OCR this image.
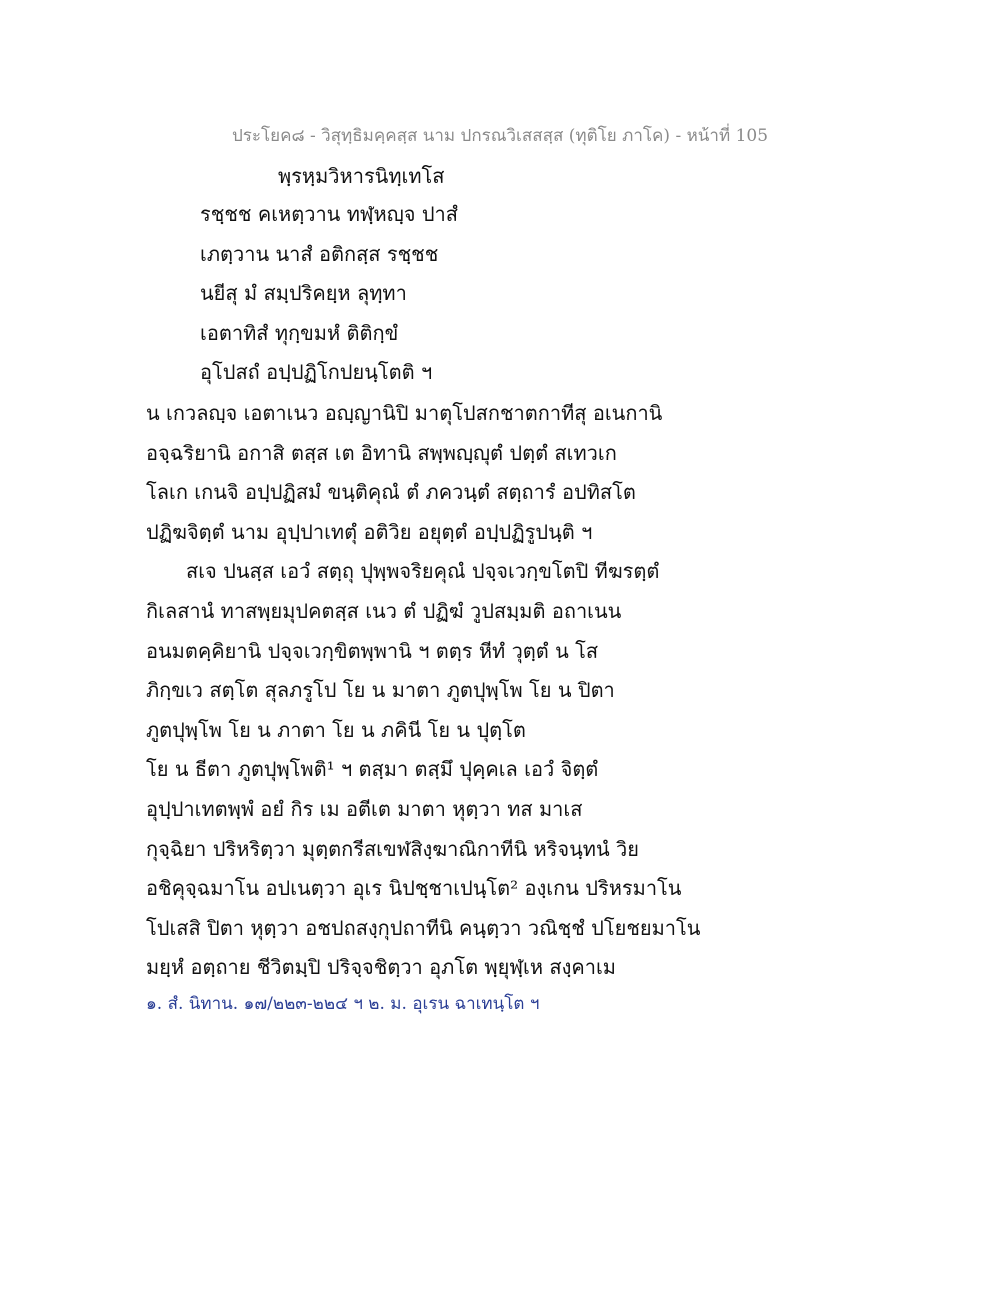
ประโยค๘ - วิสุทฺธิมคฺคสฺส นาม ปกรณวิเสสสฺส (ทุติโย ภาโค) - หน้าที่ 105
พฺรหฺมวิหารนิทฺเทโส
รชฺชช คเหตฺวาน ทฬฺหญฺจ ปาสํ
เภตฺวาน นาสํ อติกสฺส รชฺชช
นยีสุ มํ สมฺปริคยฺห ลุทฺทา
เอตาทิสํ ทุกฺขมหํ ติติกฺขํ
อุโปสถํ อปฺปฏิโกปยนฺโตติ ฯ
น เกวลญฺจ เอตาเนว อญฺญานิปิ มาตุโปสกชาตกาทีสุ อเนกานิ
อจฺฉริยานิ อกาสิ ตสฺส เต อิทานิ สพฺพญฺญุตํ ปตฺตํ สเทวเก
โลเก เกนจิ อปฺปฏิสมํ ขนฺติคุณํ ตํ ภควนฺตํ สตฺถารํ อปทิสโต
ปฏิฆจิตฺตํ นาม อุปฺปาเทตุํ อติวิย อยุตฺตํ อปฺปฏิรูปนฺติ ฯ
สเจ ปนสฺส เอวํ สตฺถุ ปุพฺพจริยคุณํ ปจฺจเวกฺขโตปิ ทีฆรตฺตํ
กิเลสานํ ทาสพฺยมุปคตสฺส เนว ตํ ปฏิฆํ วูปสมฺมติ อถาเนน
อนมตคฺคิยานิ ปจฺจเวกฺขิตพฺพานิ ฯ ตตฺร หีทํ วุตฺตํ น โส
ภิกฺขเว สตฺโต สุลภรูโป โย น มาตา ภูตปุพฺโพ โย น ปิตา
ภูตปุพฺโพ โย น ภาตา โย น ภคินี โย น ปุตฺโต
โย น ธีตา ภูตปุพฺโพติ¹ ฯ ตสฺมา ตสฺมึ ปุคฺคเล เอวํ จิตฺตํ
อุปฺปาเทตพฺพํ อยํ กิร เม อตีเต มาตา หุตฺวา ทส มาเส
กุจฺฉิยา ปริหริตฺวา มุตฺตกรีสเขฬสิงฺฆาณิกาทีนิ หริจนฺทนํ วิย
อชิคุจฺฉมาโน อปเนตฺวา อุเร นิปชฺชาเปนฺโต² องฺเกน ปริหรมาโน
โปเสสิ ปิตา หุตฺวา อชปถสงฺกุปถาทีนิ คนฺตฺวา วณิชฺชํ ปโยชยมาโน
มยฺหํ อตฺถาย ชีวิตมฺปิ ปริจฺจชิตฺวา อุภโต พฺยุฬฺเห สงฺคาเม
๑. สํ. นิทาน. ๑๗/๒๒๓-๒๒๔ ฯ ๒. ม. อุเรน ฉาเทนฺโต ฯ
